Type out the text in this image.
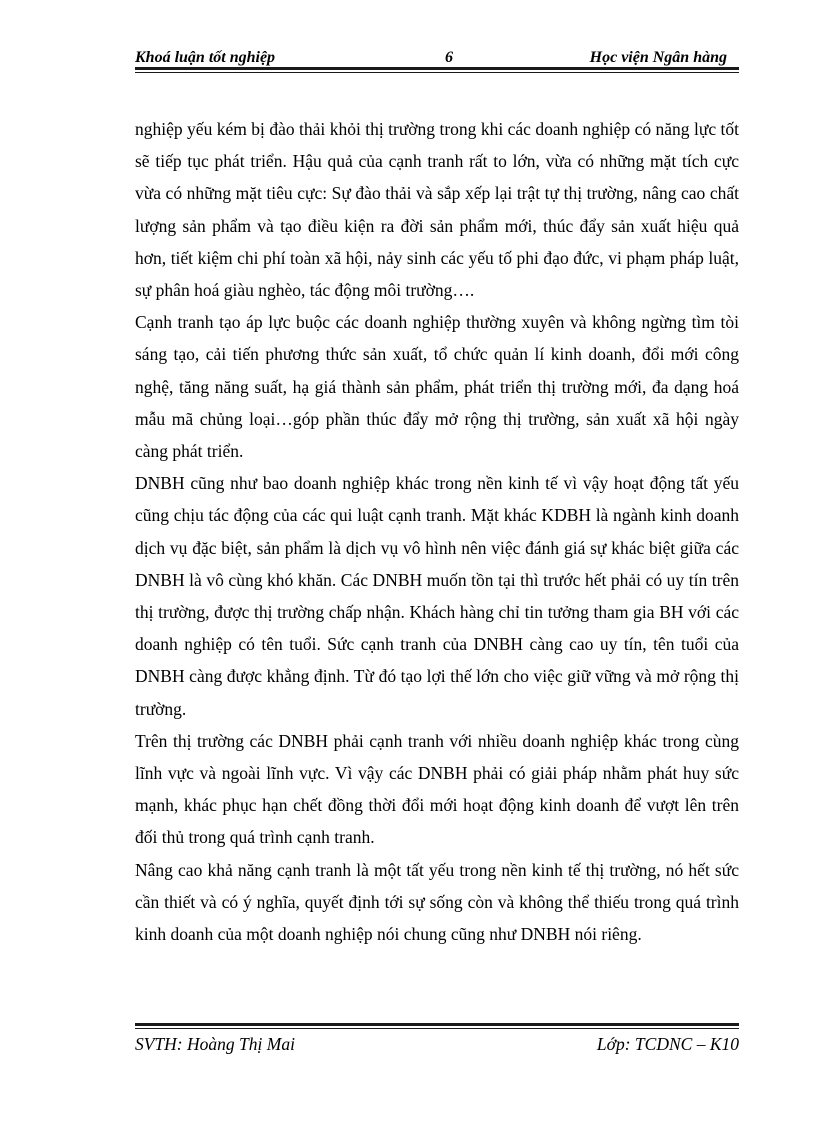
Khoá luận tốt nghiệp	6	Học viện Ngân hàng

nghiệp yếu kém bị đào thải khỏi thị trường trong khi các doanh nghiệp có năng lực tốt sẽ tiếp tục phát triển. Hậu quả của cạnh tranh rất to lớn, vừa có những mặt tích cực vừa có những mặt tiêu cực: Sự đào thải và sắp xếp lại trật tự thị trường, nâng cao chất lượng sản phẩm và tạo điều kiện ra đời sản phẩm mới, thúc đẩy sản xuất hiệu quả hơn, tiết kiệm chi phí toàn xã hội, nảy sinh các yếu tố phi đạo đức, vi phạm pháp luật, sự phân hoá giàu nghèo, tác động môi trường….

Cạnh tranh tạo áp lực buộc các doanh nghiệp thường xuyên và không ngừng tìm tòi sáng tạo, cải tiến phương thức sản xuất, tổ chức quản lí kinh doanh, đổi mới công nghệ, tăng năng suất, hạ giá thành sản phẩm, phát triển thị trường mới, đa dạng hoá mẫu mã chủng loại…góp phần thúc đẩy mở rộng thị trường, sản xuất xã hội ngày càng phát triển.

DNBH cũng như bao doanh nghiệp khác trong nền kinh tế vì vậy hoạt động tất yếu cũng chịu tác động của các qui luật cạnh tranh. Mặt khác KDBH là ngành kinh doanh dịch vụ đặc biệt, sản phẩm là dịch vụ vô hình nên việc đánh giá sự khác biệt giữa các DNBH là vô cùng khó khăn. Các DNBH muốn tồn tại thì trước hết phải có uy tín trên thị trường, được thị trường chấp nhận. Khách hàng chỉ tin tưởng tham gia BH với các doanh nghiệp có tên tuổi. Sức cạnh tranh của DNBH càng cao uy tín, tên tuổi của DNBH càng được khẳng định. Từ đó tạo lợi thế lớn cho việc giữ vững và mở rộng thị trường.

Trên thị trường các DNBH phải cạnh tranh với nhiều doanh nghiệp khác trong cùng lĩnh vực và ngoài lĩnh vực. Vì vậy các DNBH phải có giải pháp nhằm phát huy sức mạnh, khác phục hạn chết đồng thời đổi mới hoạt động kinh doanh để vượt lên trên đối thủ trong quá trình cạnh tranh.

Nâng cao khả năng cạnh tranh là một tất yếu trong nền kinh tế thị trường, nó hết sức cần thiết và có ý nghĩa, quyết định tới sự sống còn và không thể thiếu trong quá trình kinh doanh của một doanh nghiệp nói chung cũng như DNBH nói riêng.

SVTH: Hoàng Thị Mai	Lớp: TCDNC – K10
